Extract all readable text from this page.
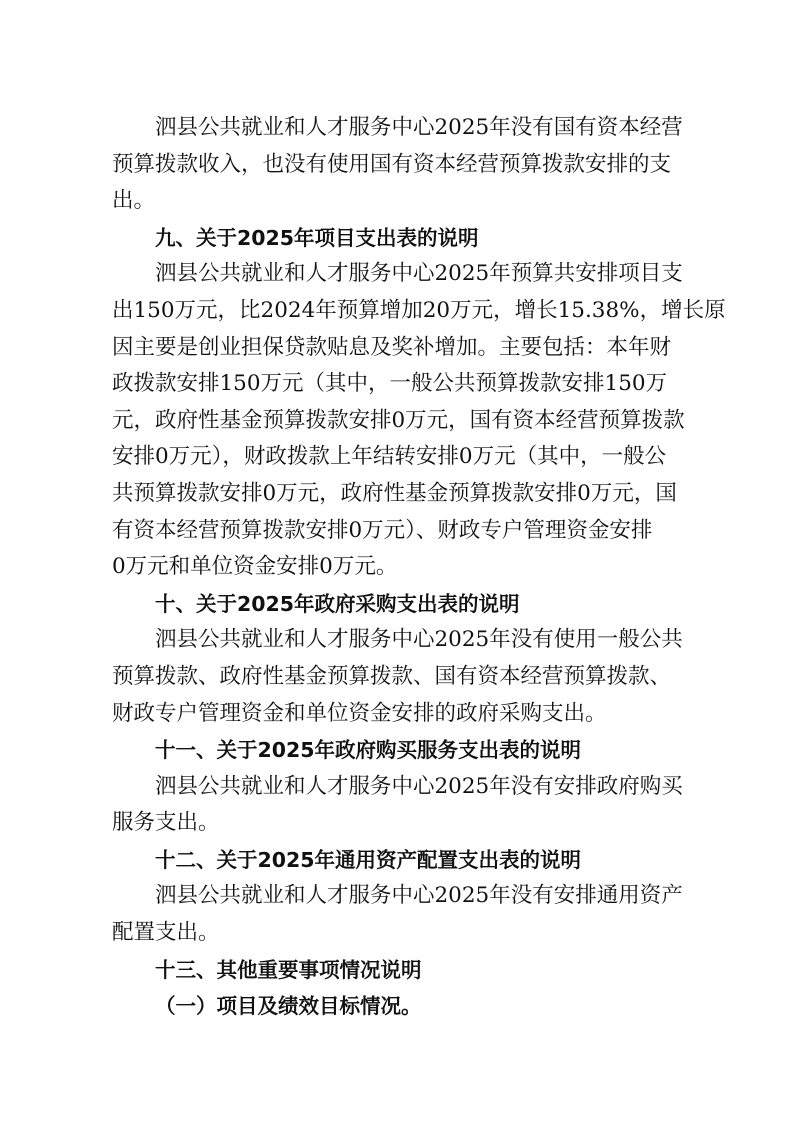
泗县公共就业和人才服务中心2025年没有国有资本经营

预算拨款收入，也没有使用国有资本经营预算拨款安排的支

出。

九、关于2025年项目支出表的说明

泗县公共就业和人才服务中心2025年预算共安排项目支

出150万元，比2024年预算增加20万元，增长15.38%，增长原

因主要是创业担保贷款贴息及奖补增加。主要包括：本年财

政拨款安排150万元（其中，一般公共预算拨款安排150万

元，政府性基金预算拨款安排0万元，国有资本经营预算拨款

安排0万元），财政拨款上年结转安排0万元（其中，一般公

共预算拨款安排0万元，政府性基金预算拨款安排0万元，国

有资本经营预算拨款安排0万元）、财政专户管理资金安排

0万元和单位资金安排0万元。

十、关于2025年政府采购支出表的说明

泗县公共就业和人才服务中心2025年没有使用一般公共

预算拨款、政府性基金预算拨款、国有资本经营预算拨款、

财政专户管理资金和单位资金安排的政府采购支出。

十一、关于2025年政府购买服务支出表的说明

泗县公共就业和人才服务中心2025年没有安排政府购买

服务支出。

十二、关于2025年通用资产配置支出表的说明

泗县公共就业和人才服务中心2025年没有安排通用资产

配置支出。

十三、其他重要事项情况说明

（一）项目及绩效目标情况。
